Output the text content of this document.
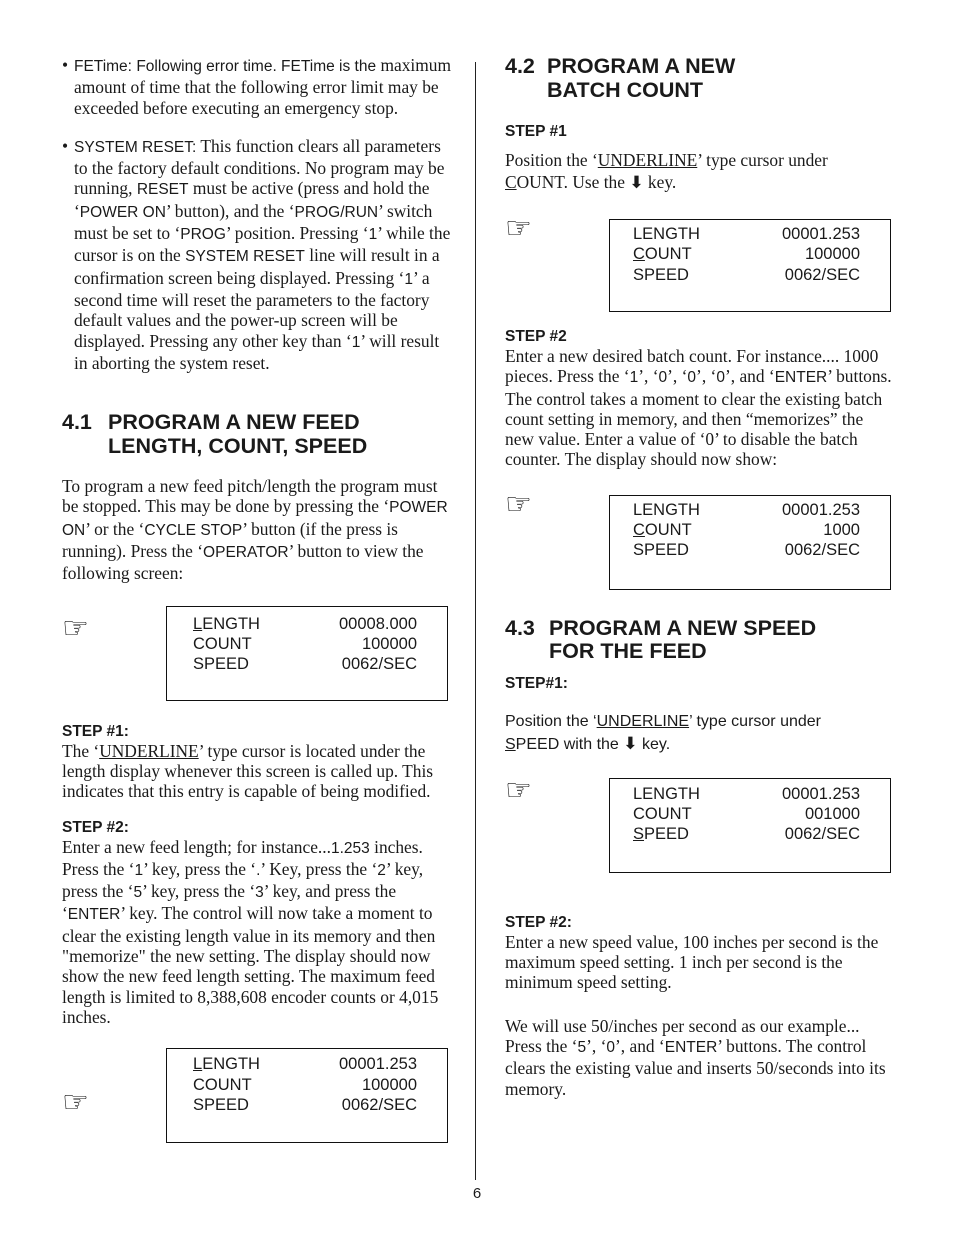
• FETime: Following error time. FETime is the maximum amount of time that the following error limit may be exceeded before executing an emergency stop.

• SYSTEM RESET: This function clears all parameters to the factory default conditions. No program may be running, RESET must be active (press and hold the ‘POWER ON’ button), and the ‘PROG/RUN’ switch must be set to ‘PROG’ position. Pressing ‘1’ while the cursor is on the SYSTEM RESET line will result in a confirmation screen being displayed. Pressing ‘1’ a second time will reset the parameters to the factory default values and the power-up screen will be displayed. Pressing any other key than ‘1’ will result in aborting the system reset.

4.1 PROGRAM A NEW FEED
LENGTH, COUNT, SPEED

To program a new feed pitch/length the program must be stopped. This may be done by pressing the ‘POWER ON’ or the ‘CYCLE STOP’ button (if the press is running). Press the ‘OPERATOR’ button to view the following screen:

☞	LENGTH	00008.000
COUNT	100000
SPEED	0062/SEC

STEP #1:

The ‘UNDERLINE’ type cursor is located under the length display whenever this screen is called up. This indicates that this entry is capable of being modified.

STEP #2:

Enter a new feed length; for instance...1.253 inches. Press the ‘1’ key, press the ‘.’ Key, press the ‘2’ key, press the ‘5’ key, press the ‘3’ key, and press the ‘ENTER’ key. The control will now take a moment to clear the existing length value in its memory and then "memorize" the new setting. The display should now show the new feed length setting. The maximum feed length is limited to 8,388,608 encoder counts or 4,015 inches.

☞
LENGTH	00001.253
COUNT	100000
SPEED	0062/SEC
4.2 PROGRAM A NEW
BATCH COUNT

STEP #1

Position the ‘UNDERLINE’ type cursor under
COUNT. Use the ⬇ key.

☞	LENGTH	00001.253
COUNT	100000
SPEED	0062/SEC

STEP #2

Enter a new desired batch count. For instance.... 1000 pieces. Press the ‘1’, ‘0’, ‘0’, ‘0’, and ‘ENTER’ buttons. The control takes a moment to clear the existing batch count setting in memory, and then “memorizes” the new value. Enter a value of ‘0’ to disable the batch counter. The display should now show:

☞	LENGTH	00001.253
COUNT	1000
SPEED	0062/SEC
4.3 PROGRAM A NEW SPEED
FOR THE FEED

STEP#1:

Position the ‘UNDERLINE’ type cursor under
SPEED with the ⬇ key.

☞	LENGTH	00001.253
COUNT	001000
SPEED	0062/SEC

STEP #2:

Enter a new speed value, 100 inches per second is the maximum speed setting. 1 inch per second is the minimum speed setting.

We will use 50/inches per second as our example... Press the ‘5’, ‘0’, and ‘ENTER’ buttons. The control clears the existing value and inserts 50/seconds into its memory.

6
